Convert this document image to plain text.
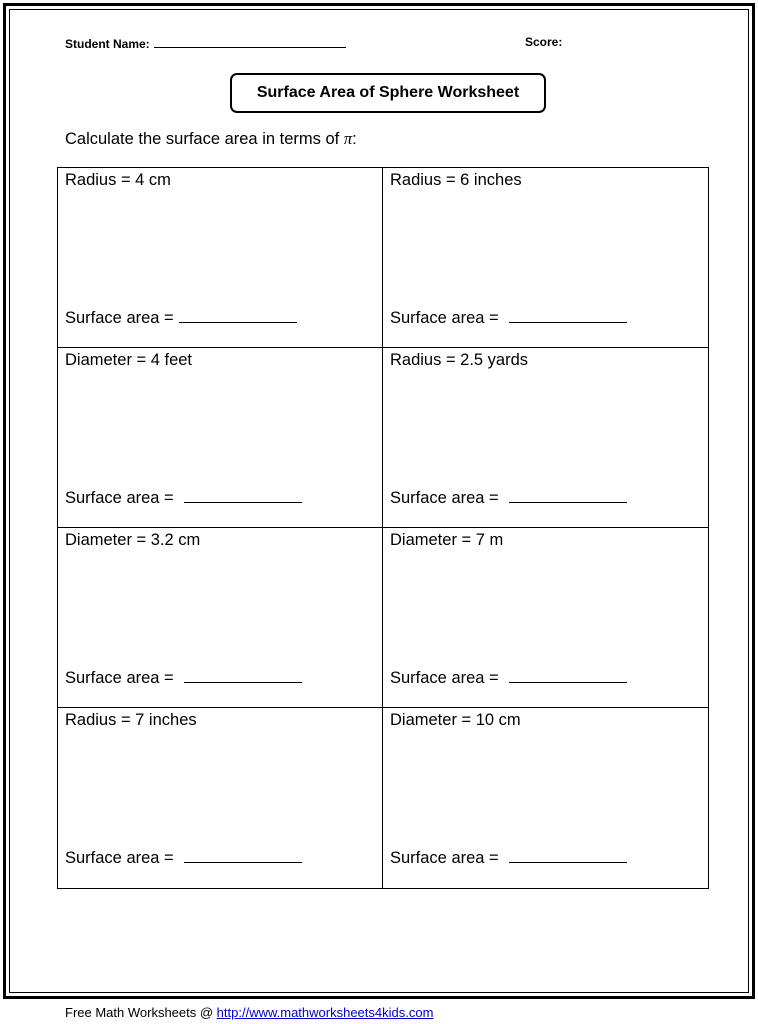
Student Name:	Score:
Surface Area of Sphere Worksheet
Calculate the surface area in terms of π:
Radius = 4 cm
Surface area =
Radius = 6 inches
Surface area =
Diameter = 4 feet
Surface area =
Radius = 2.5 yards
Surface area =
Diameter = 3.2 cm
Surface area =
Diameter = 7 m
Surface area =
Radius = 7 inches
Surface area =
Diameter = 10 cm
Surface area =
Free Math Worksheets @ http://www.mathworksheets4kids.com
